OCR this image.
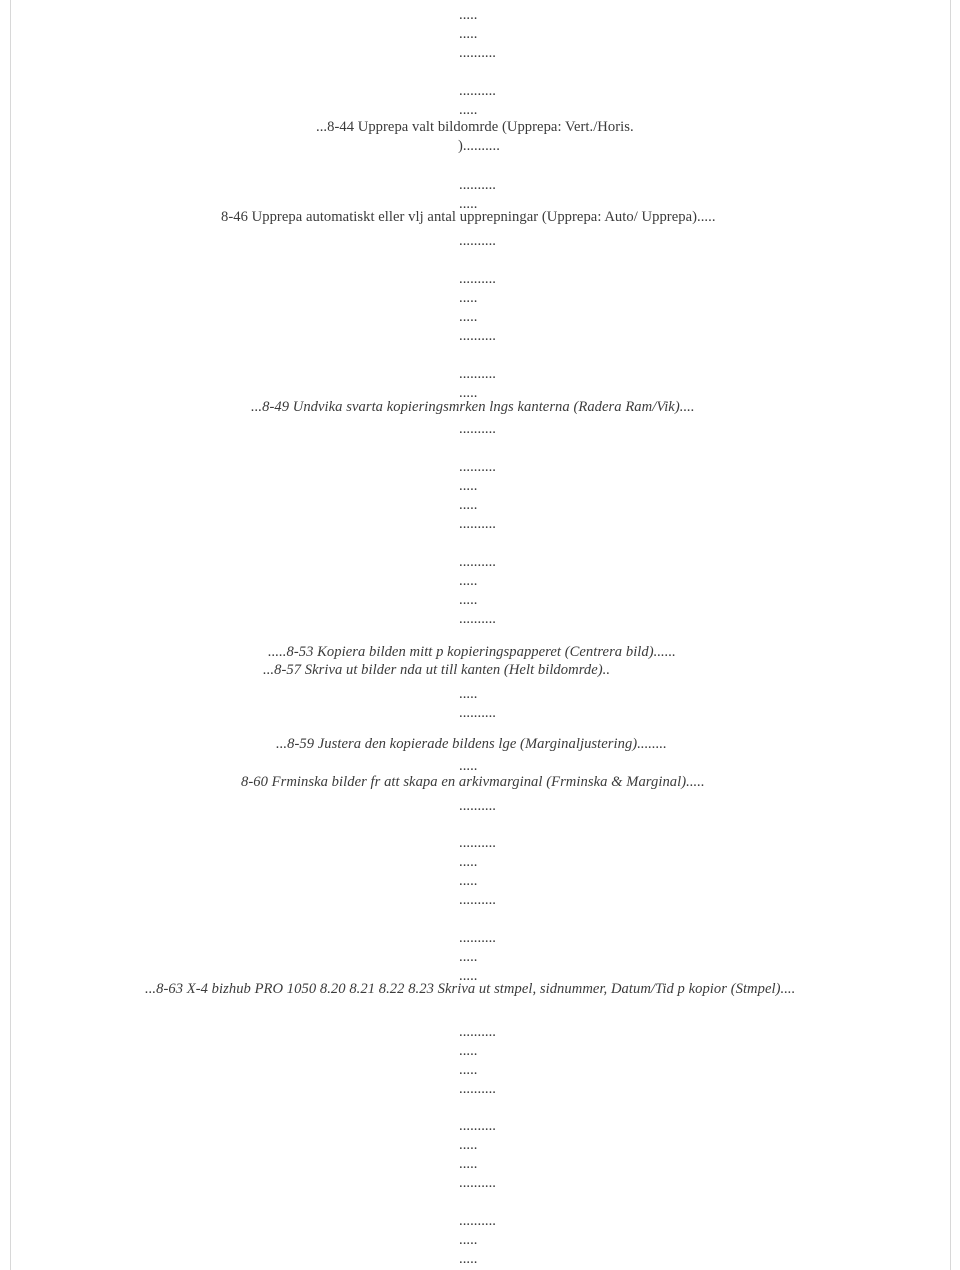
.....
.....
..........
..........
.....
...8-44 Upprepa valt bildomrde (Upprepa: Vert./Horis.
)..........
..........
.....
8-46 Upprepa automatiskt eller vlj antal upprepningar (Upprepa: Auto/ Upprepa).....
..........
..........
.....
.....
..........
..........
.....
...8-49 Undvika svarta kopieringsmrken lngs kanterna (Radera Ram/Vik)....
..........
..........
.....
.....
..........
..........
.....
.....
..........
.....8-53 Kopiera bilden mitt p kopieringspapperet (Centrera bild)......
...8-57 Skriva ut bilder nda ut till kanten (Helt bildomrde)..
.....
..........
...8-59 Justera den kopierade bildens lge (Marginaljustering)........
.....
8-60 Frminska bilder fr att skapa en arkivmarginal (Frminska & Marginal).....
..........
..........
.....
.....
..........
..........
.....
.....
...8-63 X-4 bizhub PRO 1050 8.20 8.21 8.22 8.23 Skriva ut stmpel, sidnummer, Datum/Tid p kopior (Stmpel)....
..........
.....
.....
..........
..........
.....
.....
..........
..........
.....
.....
